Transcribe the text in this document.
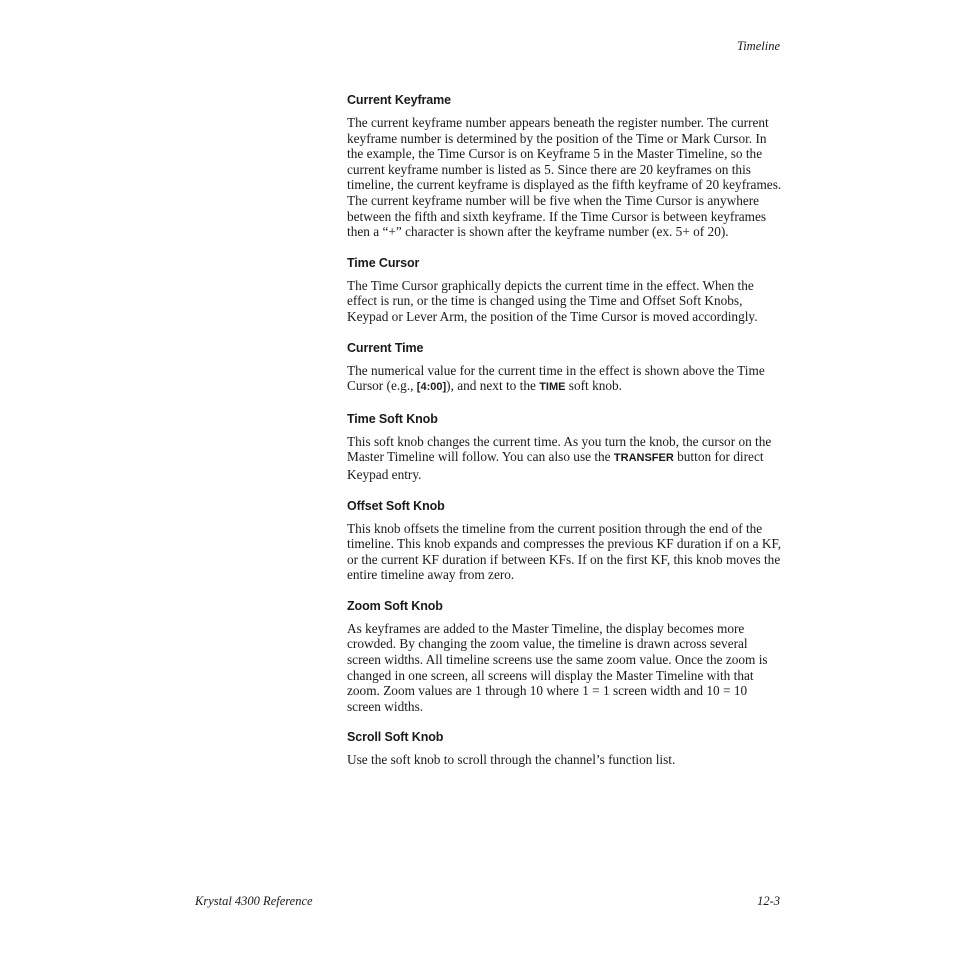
Timeline
Current Keyframe

The current keyframe number appears beneath the register number. The current keyframe number is determined by the position of the Time or Mark Cursor. In the example, the Time Cursor is on Keyframe 5 in the Master Timeline, so the current keyframe number is listed as 5. Since there are 20 keyframes on this timeline, the current keyframe is displayed as the fifth keyframe of 20 keyframes. The current keyframe number will be five when the Time Cursor is anywhere between the fifth and sixth keyframe. If the Time Cursor is between keyframes then a “+” character is shown after the keyframe number (ex. 5+ of 20).

Time Cursor

The Time Cursor graphically depicts the current time in the effect. When the effect is run, or the time is changed using the Time and Offset Soft Knobs, Keypad or Lever Arm, the position of the Time Cursor is moved accordingly.

Current Time

The numerical value for the current time in the effect is shown above the Time Cursor (e.g., [4:00]), and next to the TIME soft knob.

Time Soft Knob

This soft knob changes the current time. As you turn the knob, the cursor on the Master Timeline will follow. You can also use the TRANSFER button for direct Keypad entry.

Offset Soft Knob

This knob offsets the timeline from the current position through the end of the timeline. This knob expands and compresses the previous KF duration if on a KF, or the current KF duration if between KFs. If on the first KF, this knob moves the entire timeline away from zero.

Zoom Soft Knob

As keyframes are added to the Master Timeline, the display becomes more crowded. By changing the zoom value, the timeline is drawn across several screen widths. All timeline screens use the same zoom value. Once the zoom is changed in one screen, all screens will display the Master Timeline with that zoom. Zoom values are 1 through 10 where 1 = 1 screen width and 10 = 10 screen widths.

Scroll Soft Knob

Use the soft knob to scroll through the channel’s function list.

Krystal 4300 Reference	12-3
